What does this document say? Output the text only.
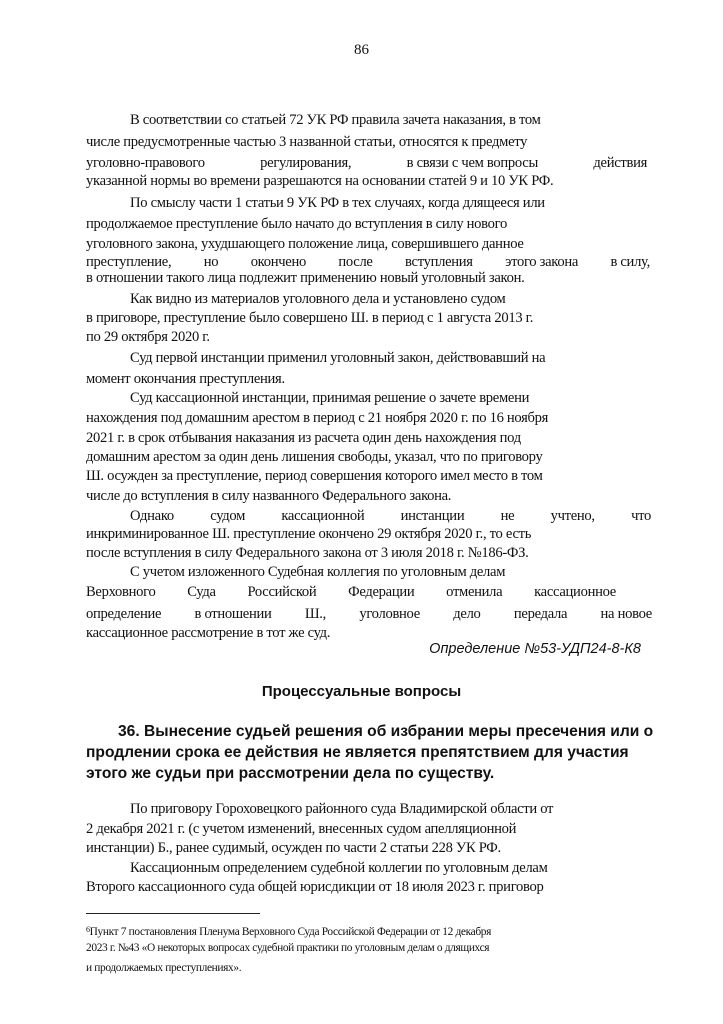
86
В соответствии со статьей 72 УК РФ правила зачета наказания, в том
числе предусмотренные частью 3 названной статьи, относятся к предмету
уголовно-правового	регулирования,	в связи с чем вопросы	действия
указанной нормы во времени разрешаются на основании статей 9 и 10 УК РФ.
По смыслу части 1 статьи 9 УК РФ в тех случаях, когда длящееся или
продолжаемое преступление было начато до вступления в силу нового
уголовного закона, ухудшающего положение лица, совершившего данное
преступление, но окончено после вступления этого закона в силу,
в отношении такого лица подлежит применению новый уголовный закон.
Как видно из материалов уголовного дела и установлено судом
в приговоре, преступление было совершено Ш. в период с 1 августа 2013 г.
по 29 октября 2020 г.
Суд первой инстанции применил уголовный закон, действовавший на
момент окончания преступления.
Суд кассационной инстанции, принимая решение о зачете времени
нахождения под домашним арестом в период с 21 ноября 2020 г. по 16 ноября
2021 г. в срок отбывания наказания из расчета один день нахождения под
домашним арестом за один день лишения свободы, указал, что по приговору
Ш. осужден за преступление, период совершения которого имел место в том
числе до вступления в силу названного Федерального закона.
Однако судом кассационной инстанции не учтено, что
инкриминированное Ш. преступление окончено 29 октября 2020 г., то есть
после вступления в силу Федерального закона от 3 июля 2018 г. №186-ФЗ.
С учетом изложенного Судебная коллегия по уголовным делам
Верховного Суда Российской Федерации отменила кассационное
определение в отношении Ш., уголовное дело передала на новое
кассационное рассмотрение в тот же суд.
Определение №53-УДП24-8-К8
Процессуальные вопросы
36. Вынесение судьей решения об избрании меры пресечения или о
продлении срока ее действия не является препятствием для участия
этого же судьи при рассмотрении дела по существу.
По приговору Гороховецкого районного суда Владимирской области от
2 декабря 2021 г. (с учетом изменений, внесенных судом апелляционной
инстанции) Б., ранее судимый, осужден по части 2 статьи 228 УК РФ.
Кассационным определением судебной коллегии по уголовным делам
Второго кассационного суда общей юрисдикции от 18 июля 2023 г. приговор
$^6$Пункт 7 постановления Пленума Верховного Суда Российской Федерации от 12 декабря
2023 г. №43 «О некоторых вопросах судебной практики по уголовным делам о длящихся
и продолжаемых преступлениях».
